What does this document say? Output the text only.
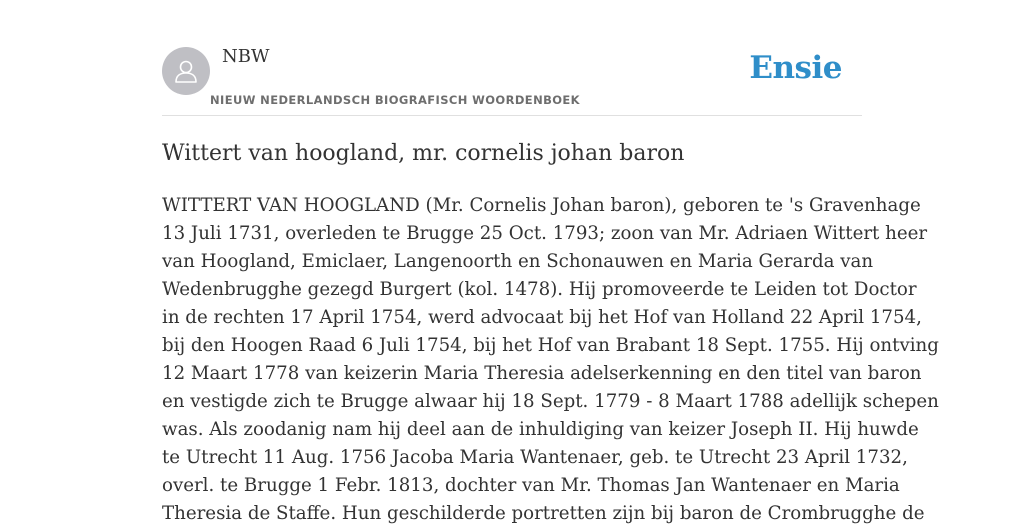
NBW
NIEUW NEDERLANDSCH BIOGRAFISCH WOORDENBOEK
Ensie
Wittert van hoogland, mr. cornelis johan baron

WITTERT VAN HOOGLAND (Mr. Cornelis Johan baron), geboren te 's Gravenhage
13 Juli 1731, overleden te Brugge 25 Oct. 1793; zoon van Mr. Adriaen Wittert heer
van Hoogland, Emiclaer, Langenoorth en Schonauwen en Maria Gerarda van
Wedenbrugghe gezegd Burgert (kol. 1478). Hij promoveerde te Leiden tot Doctor
in de rechten 17 April 1754, werd advocaat bij het Hof van Holland 22 April 1754,
bij den Hoogen Raad 6 Juli 1754, bij het Hof van Brabant 18 Sept. 1755. Hij ontving
12 Maart 1778 van keizerin Maria Theresia adelserkenning en den titel van baron
en vestigde zich te Brugge alwaar hij 18 Sept. 1779 - 8 Maart 1788 adellijk schepen
was. Als zoodanig nam hij deel aan de inhuldiging van keizer Joseph II. Hij huwde
te Utrecht 11 Aug. 1756 Jacoba Maria Wantenaer, geb. te Utrecht 23 April 1732,
overl. te Brugge 1 Febr. 1813, dochter van Mr. Thomas Jan Wantenaer en Maria
Theresia de Staffe. Hun geschilderde portretten zijn bij baron de Crombrugghe de
